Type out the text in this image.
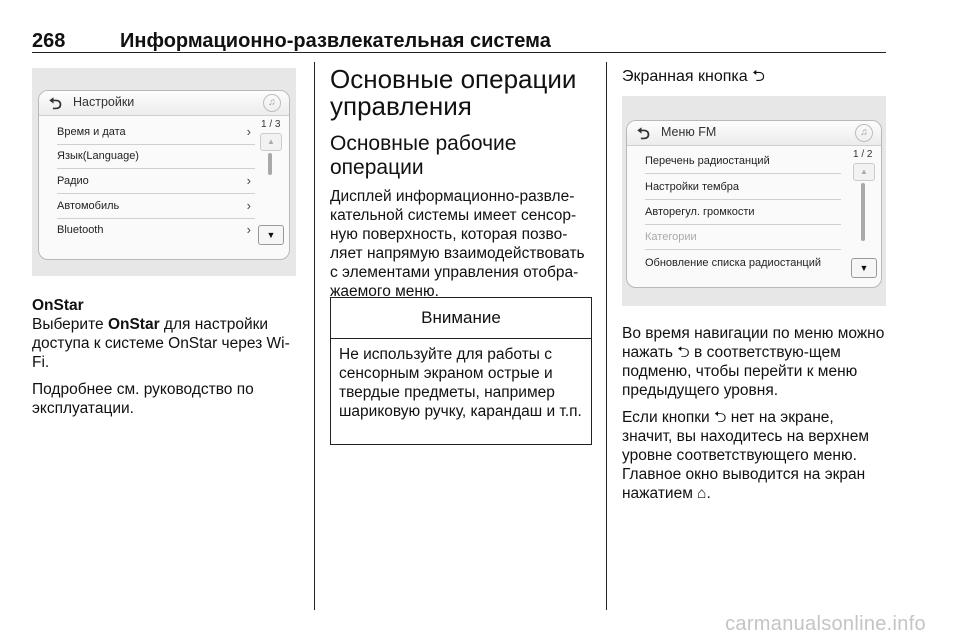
268	Информационно-развлекательная система
⮌ Настройки	♫
Время и дата	›
Язык(Language)
Радио	›
Автомобиль	›
Bluetooth	›
1 / 3
▲
▼

OnStar

Выберите OnStar для настройки доступа к системе OnStar через Wi-Fi.

Подробнее см. руководство по эксплуатации.

Основные операции управления
Основные рабочие операции

Дисплей информационно-развле-кательной системы имеет сенсор-ную поверхность, которая позво-ляет напрямую взаимодействовать с элементами управления отобра-жаемого меню.

Внимание
Не используйте для работы с сенсорным экраном острые и твердые предметы, например шариковую ручку, карандаш и т.п.
Экранная кнопка ⮌
⮌ Меню FM	♫
Перечень радиостанций
Настройки тембра
Авторегул. громкости
Категории
Обновление списка радиостанций
1 / 2
▲
▼

Во время навигации по меню можно нажать ⮌ в соответствую-щем подменю, чтобы перейти к меню предыдущего уровня.

Если кнопки ⮌ нет на экране, значит, вы находитесь на верхнем уровне соответствующего меню. Главное окно выводится на экран нажатием ⌂.

carmanualsonline.info
